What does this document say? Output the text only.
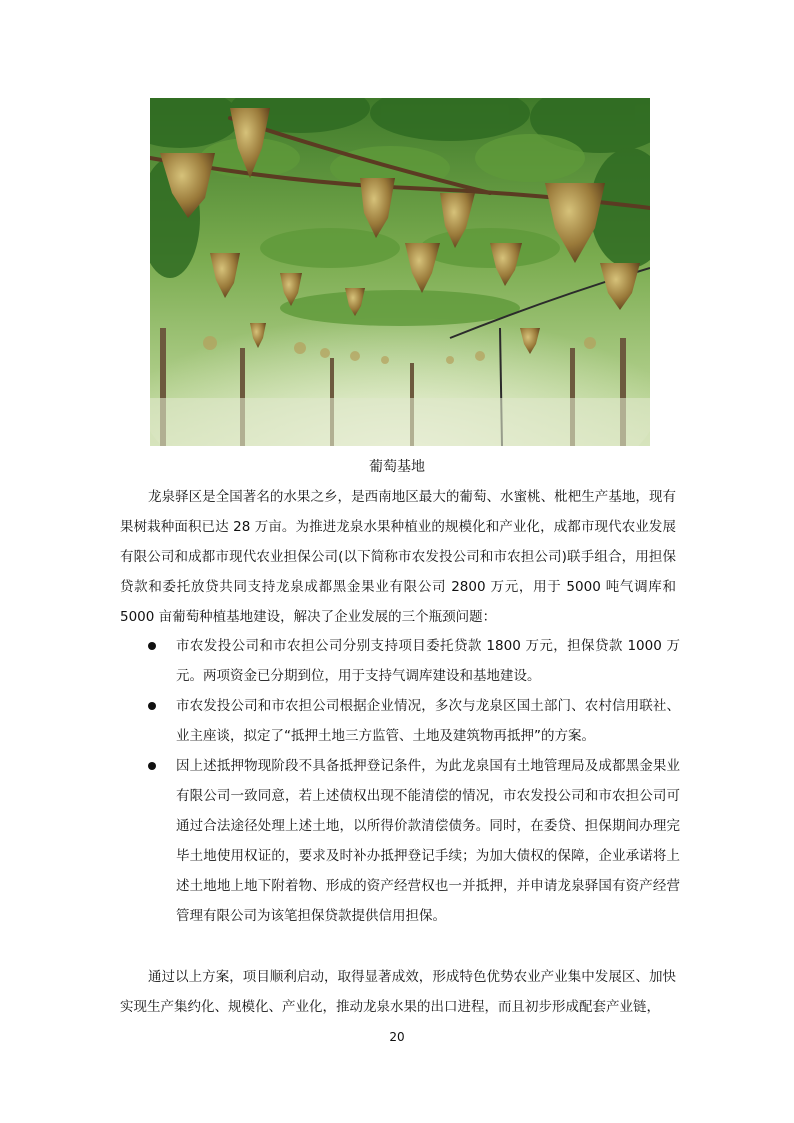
葡萄基地

龙泉驿区是全国著名的水果之乡，是西南地区最大的葡萄、水蜜桃、枇杷生产基地，现有果树栽种面积已达 28 万亩。为推进龙泉水果种植业的规模化和产业化，成都市现代农业发展有限公司和成都市现代农业担保公司(以下简称市农发投公司和市农担公司)联手组合，用担保贷款和委托放贷共同支持龙泉成都黑金果业有限公司 2800 万元，用于 5000 吨气调库和 5000 亩葡萄种植基地建设，解决了企业发展的三个瓶颈问题：

市农发投公司和市农担公司分别支持项目委托贷款 1800 万元，担保贷款 1000 万元。两项资金已分期到位，用于支持气调库建设和基地建设。
市农发投公司和市农担公司根据企业情况，多次与龙泉区国土部门、农村信用联社、业主座谈，拟定了“抵押土地三方监管、土地及建筑物再抵押”的方案。
因上述抵押物现阶段不具备抵押登记条件，为此龙泉国有土地管理局及成都黑金果业有限公司一致同意，若上述债权出现不能清偿的情况，市农发投公司和市农担公司可通过合法途径处理上述土地，以所得价款清偿债务。同时，在委贷、担保期间办理完毕土地使用权证的，要求及时补办抵押登记手续；为加大债权的保障，企业承诺将上述土地地上地下附着物、形成的资产经营权也一并抵押，并申请龙泉驿国有资产经营管理有限公司为该笔担保贷款提供信用担保。

通过以上方案，项目顺利启动，取得显著成效，形成特色优势农业产业集中发展区、加快实现生产集约化、规模化、产业化，推动龙泉水果的出口进程，而且初步形成配套产业链，

20
